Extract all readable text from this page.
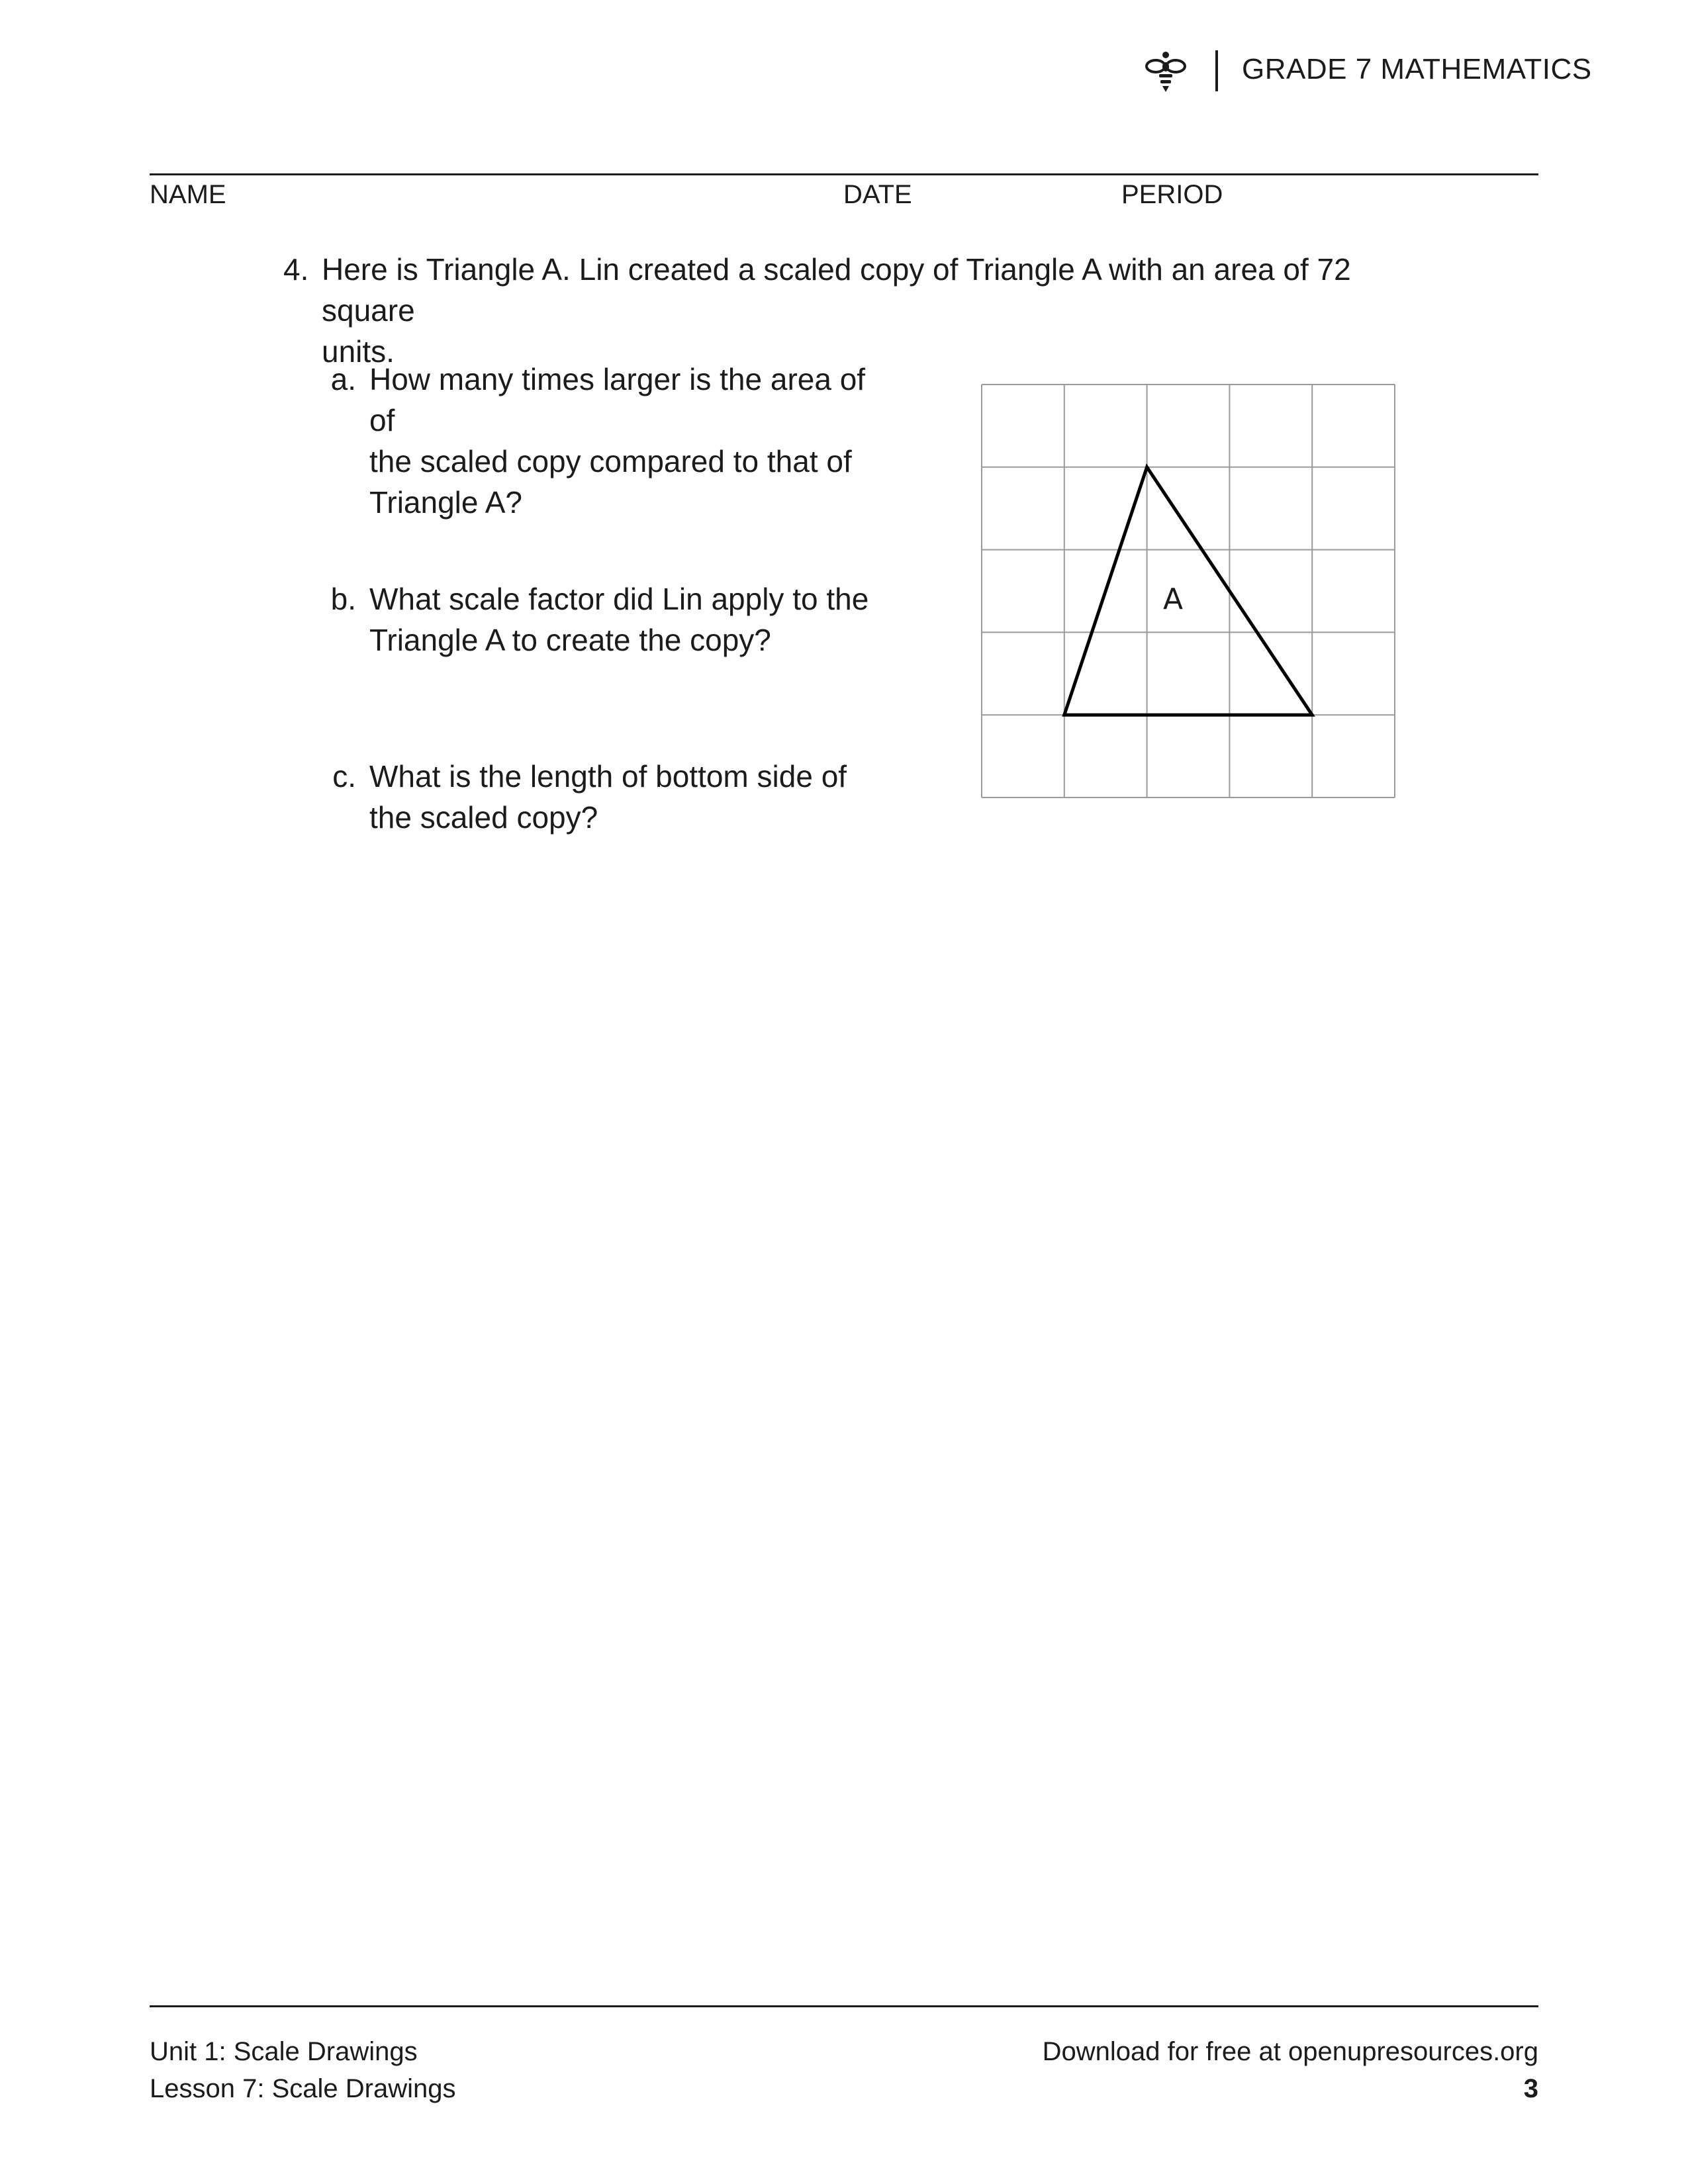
GRADE 7 MATHEMATICS
NAME	DATE	PERIOD
4. Here is Triangle A. Lin created a scaled copy of Triangle A with an area of 72 square
units.
a. How many times larger is the area of of
the scaled copy compared to that of
Triangle A?
b. What scale factor did Lin apply to the
Triangle A to create the copy?
c. What is the length of bottom side of
the scaled copy?
A
Unit 1: Scale Drawings
Lesson 7: Scale Drawings
Download for free at openupresources.org
3
